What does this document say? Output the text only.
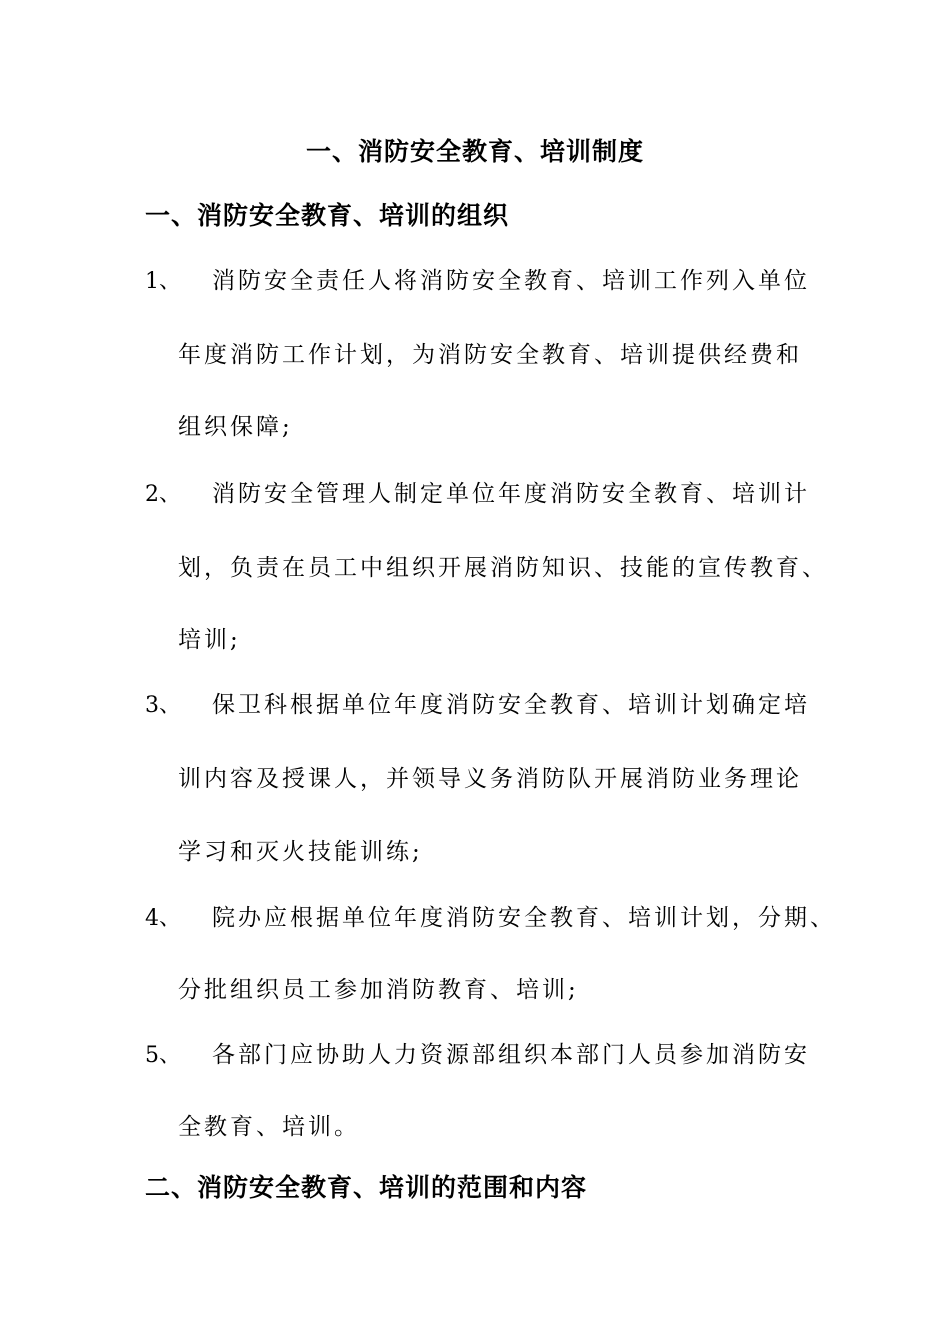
一、消防安全教育、培训制度
一、消防安全教育、培训的组织
1、 消防安全责任人将消防安全教育、培训工作列入单位
年度消防工作计划，为消防安全教育、培训提供经费和
组织保障;
2、 消防安全管理人制定单位年度消防安全教育、培训计
划，负责在员工中组织开展消防知识、技能的宣传教育、
培训;
3、 保卫科根据单位年度消防安全教育、培训计划确定培
训内容及授课人，并领导义务消防队开展消防业务理论
学习和灭火技能训练;
4、 院办应根据单位年度消防安全教育、培训计划，分期、
分批组织员工参加消防教育、培训;
5、 各部门应协助人力资源部组织本部门人员参加消防安
全教育、培训。
二、消防安全教育、培训的范围和内容
